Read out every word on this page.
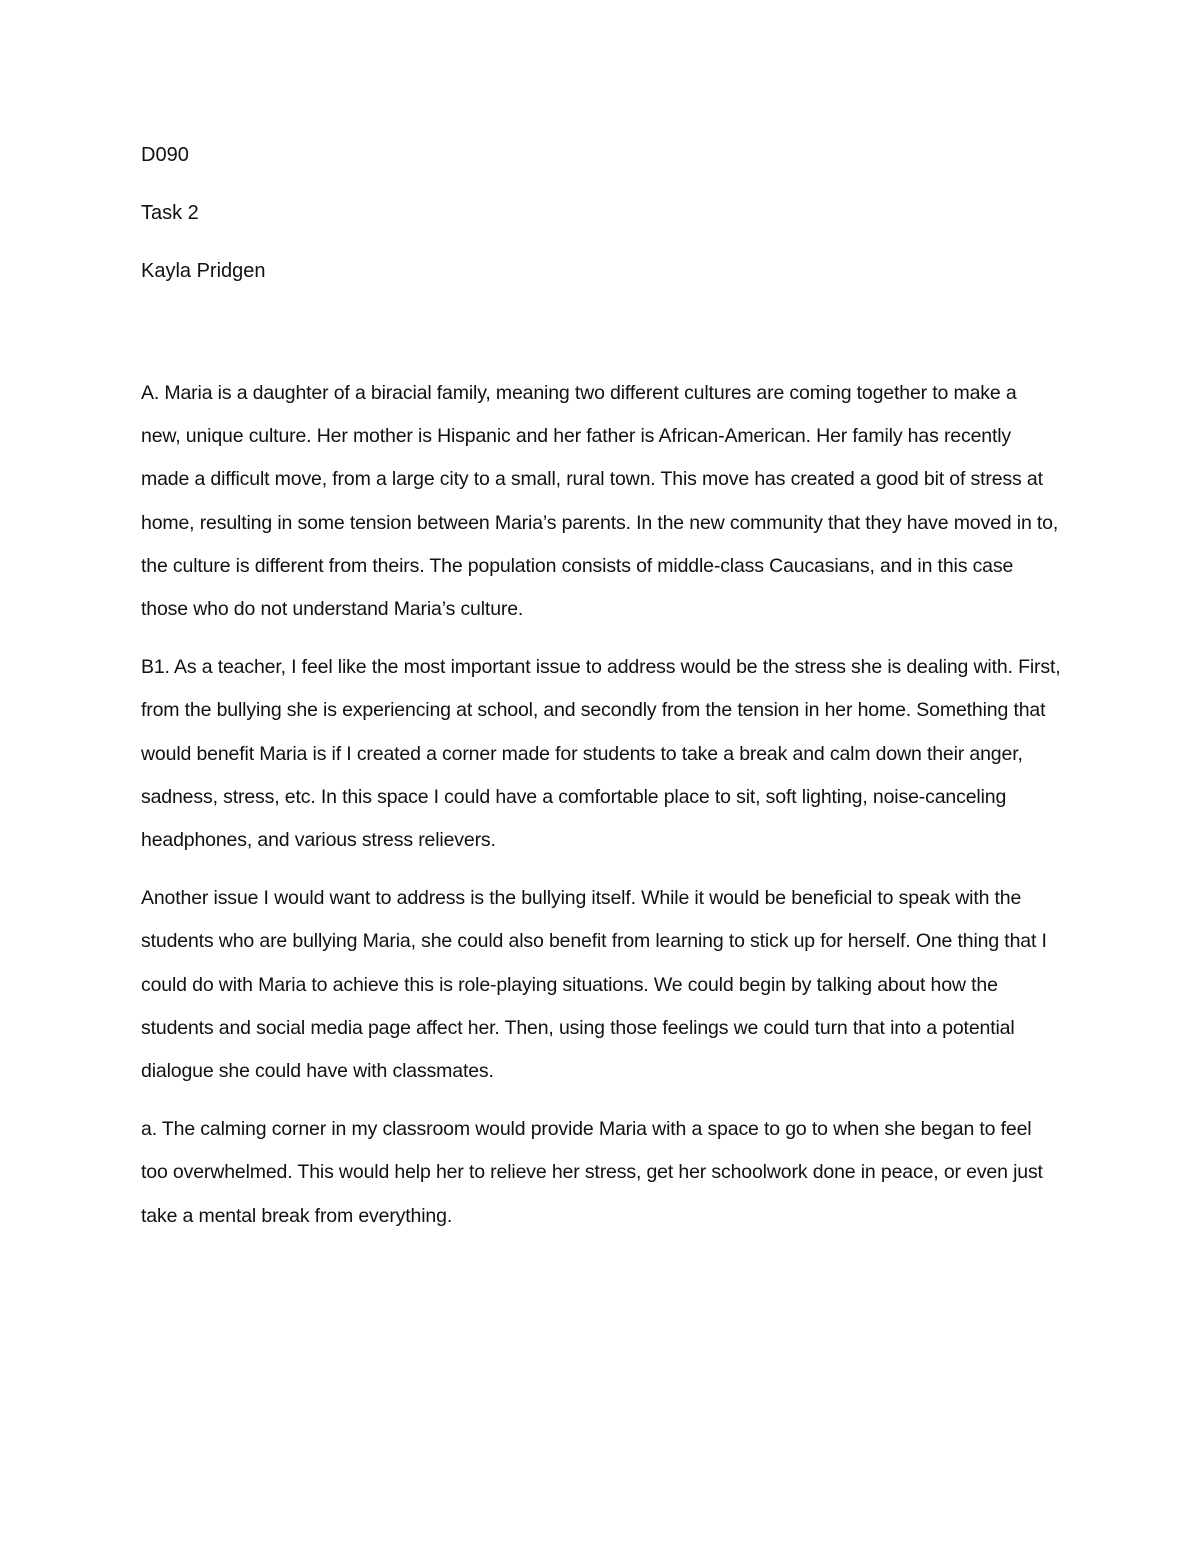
D090
Task 2
Kayla Pridgen

A. Maria is a daughter of a biracial family, meaning two different cultures are coming together to make a new, unique culture. Her mother is Hispanic and her father is African-American. Her family has recently made a difficult move, from a large city to a small, rural town. This move has created a good bit of stress at home, resulting in some tension between Maria’s parents. In the new community that they have moved in to, the culture is different from theirs. The population consists of middle-class Caucasians, and in this case those who do not understand Maria’s culture.

B1. As a teacher, I feel like the most important issue to address would be the stress she is dealing with. First, from the bullying she is experiencing at school, and secondly from the tension in her home. Something that would benefit Maria is if I created a corner made for students to take a break and calm down their anger, sadness, stress, etc. In this space I could have a comfortable place to sit, soft lighting, noise-canceling headphones, and various stress relievers.

Another issue I would want to address is the bullying itself. While it would be beneficial to speak with the students who are bullying Maria, she could also benefit from learning to stick up for herself. One thing that I could do with Maria to achieve this is role-playing situations. We could begin by talking about how the students and social media page affect her. Then, using those feelings we could turn that into a potential dialogue she could have with classmates.

a. The calming corner in my classroom would provide Maria with a space to go to when she began to feel too overwhelmed. This would help her to relieve her stress, get her schoolwork done in peace, or even just take a mental break from everything.
